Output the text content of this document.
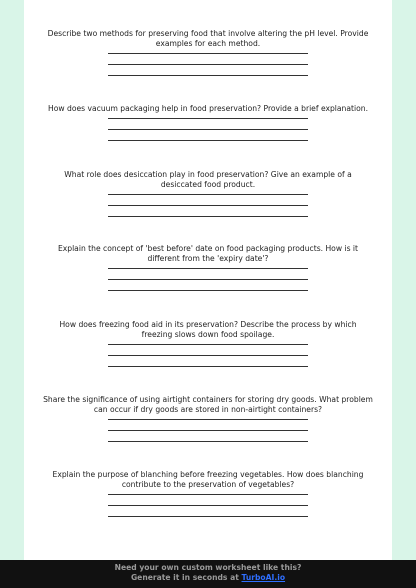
Describe two methods for preserving food that involve altering the pH level. Provide examples for each method.

How does vacuum packaging help in food preservation? Provide a brief explanation.

What role does desiccation play in food preservation? Give an example of a desiccated food product.

Explain the concept of 'best before' date on food packaging products. How is it different from the 'expiry date'?

How does freezing food aid in its preservation? Describe the process by which freezing slows down food spoilage.

Share the significance of using airtight containers for storing dry goods. What problem can occur if dry goods are stored in non-airtight containers?

Explain the purpose of blanching before freezing vegetables. How does blanching contribute to the preservation of vegetables?

Need your own custom worksheet like this?
Generate it in seconds at TurboAI.io
